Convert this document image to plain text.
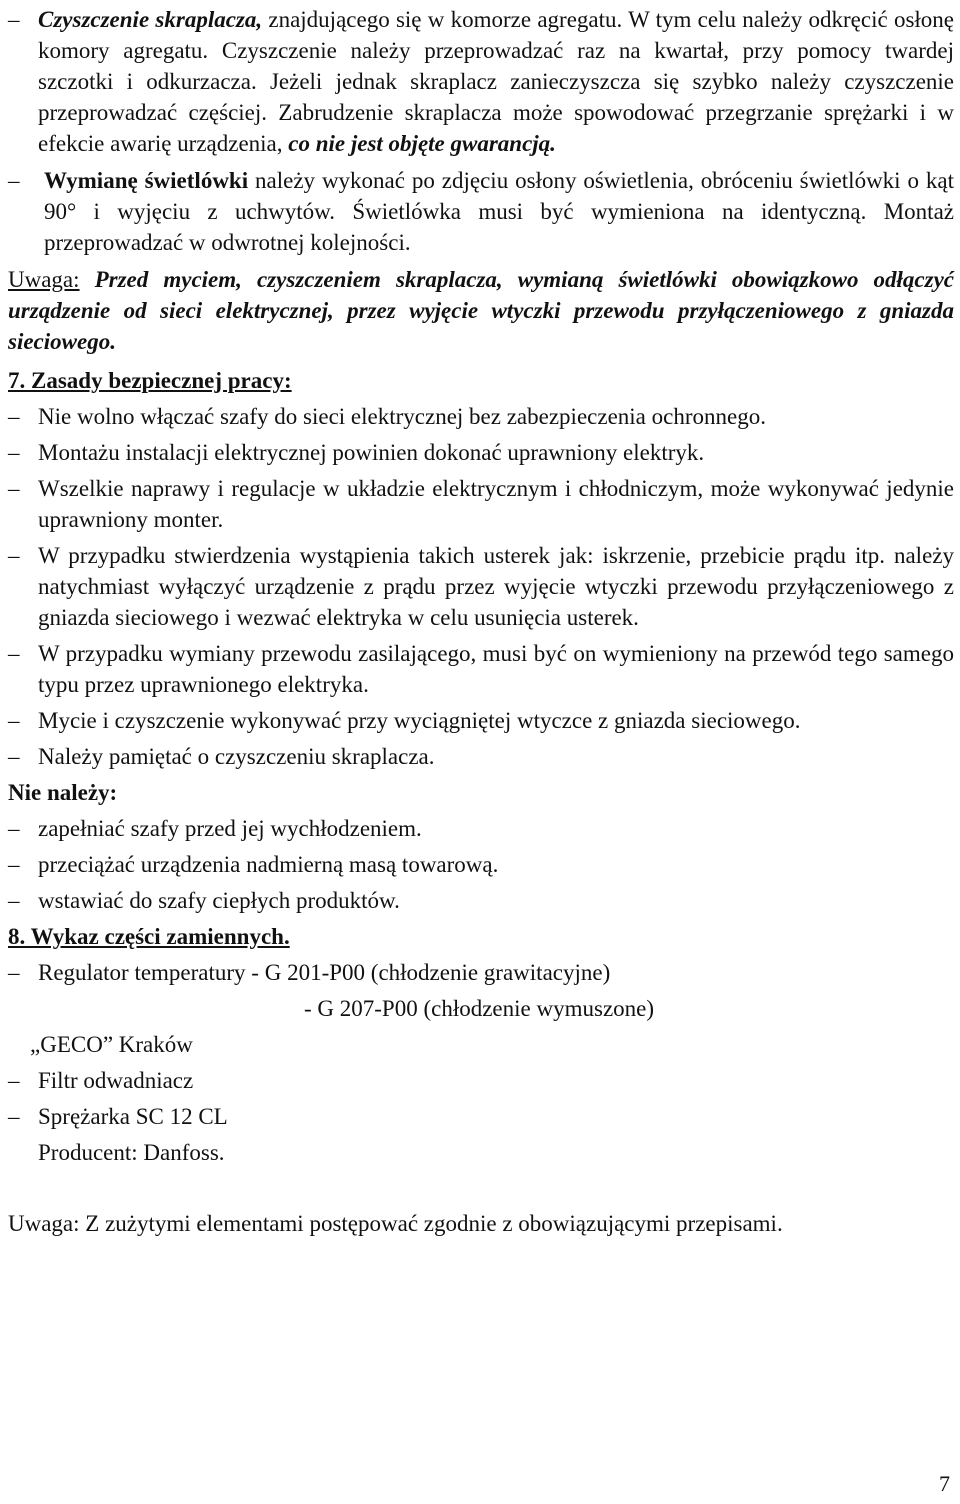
– Czyszczenie skraplacza, znajdującego się w komorze agregatu. W tym celu należy odkręcić osłonę komory agregatu. Czyszczenie należy przeprowadzać raz na kwartał, przy pomocy twardej szczotki i odkurzacza. Jeżeli jednak skraplacz zanieczyszcza się szybko należy czyszczenie przeprowadzać częściej. Zabrudzenie skraplacza może spowodować przegrzanie sprężarki i w efekcie awarię urządzenia, co nie jest objęte gwarancją.
– Wymianę świetlówki należy wykonać po zdjęciu osłony oświetlenia, obróceniu świetlówki o kąt 90° i wyjęciu z uchwytów. Świetlówka musi być wymieniona na identyczną. Montaż przeprowadzać w odwrotnej kolejności.

Uwaga: Przed myciem, czyszczeniem skraplacza, wymianą świetlówki obowiązkowo odłączyć urządzenie od sieci elektrycznej, przez wyjęcie wtyczki przewodu przyłączeniowego z gniazda sieciowego.

7. Zasady bezpiecznej pracy:

– Nie wolno włączać szafy do sieci elektrycznej bez zabezpieczenia ochronnego.
– Montażu instalacji elektrycznej powinien dokonać uprawniony elektryk.
– Wszelkie naprawy i regulacje w układzie elektrycznym i chłodniczym, może wykonywać jedynie uprawniony monter.
– W przypadku stwierdzenia wystąpienia takich usterek jak: iskrzenie, przebicie prądu itp. należy natychmiast wyłączyć urządzenie z prądu przez wyjęcie wtyczki przewodu przyłączeniowego z gniazda sieciowego i wezwać elektryka w celu usunięcia usterek.
– W przypadku wymiany przewodu zasilającego, musi być on wymieniony na przewód tego samego typu przez uprawnionego elektryka.
– Mycie i czyszczenie wykonywać przy wyciągniętej wtyczce z gniazda sieciowego.
– Należy pamiętać o czyszczeniu skraplacza.

Nie należy:

– zapełniać szafy przed jej wychłodzeniem.
– przeciążać urządzenia nadmierną masą towarową.
– wstawiać do szafy ciepłych produktów.

8. Wykaz części zamiennych.

– Regulator temperatury - G 201-P00 (chłodzenie grawitacyjne)

- G 207-P00 (chłodzenie wymuszone)

„GECO” Kraków

– Filtr odwadniacz
– Sprężarka SC 12 CL

Producent: Danfoss.

Uwaga: Z zużytymi elementami postępować zgodnie z obowiązującymi przepisami.

7
